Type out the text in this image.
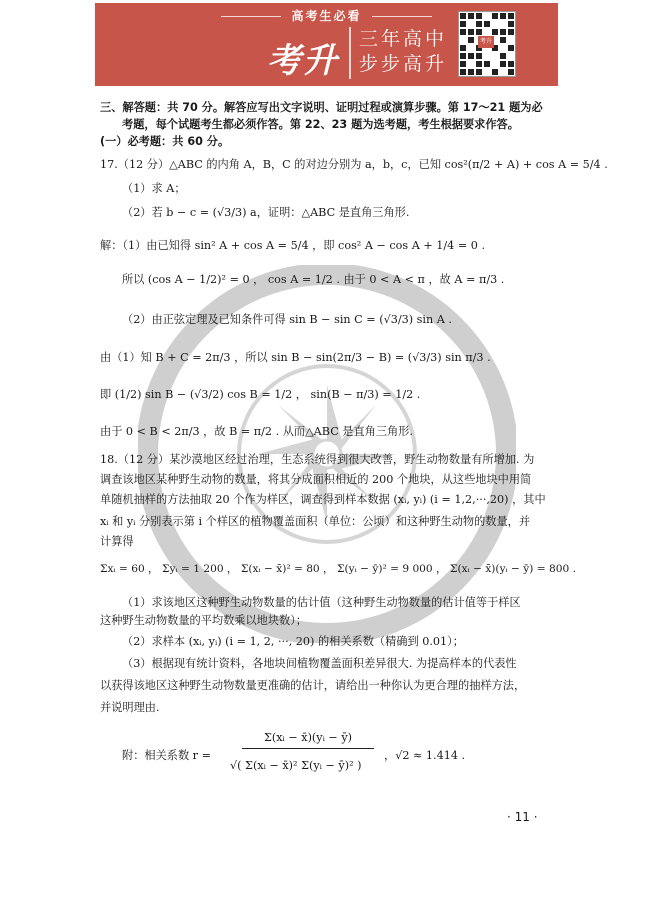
高考生必看
考升
三年高中
步步高升
考升
三、解答题：共 70 分。解答应写出文字说明、证明过程或演算步骤。第 17～21 题为必
考题，每个试题考生都必须作答。第 22、23 题为选考题，考生根据要求作答。
(一）必考题：共 60 分。
17.（12 分）△ABC 的内角 A，B，C 的对边分别为 a，b，c，已知 cos²(π/2 + A) + cos A = 5/4 .
（1）求 A；
（2）若 b − c = (√3/3) a，证明：△ABC 是直角三角形.
解：（1）由已知得 sin² A + cos A = 5/4 ，即 cos² A − cos A + 1/4 = 0 .
所以 (cos A − 1/2)² = 0 ， cos A = 1/2 . 由于 0 < A < π ，故 A = π/3 .
（2）由正弦定理及已知条件可得 sin B − sin C = (√3/3) sin A .
由（1）知 B + C = 2π/3 ，所以 sin B − sin(2π/3 − B) = (√3/3) sin π/3 .
即 (1/2) sin B − (√3/2) cos B = 1/2 ， sin(B − π/3) = 1/2 .
由于 0 < B < 2π/3 ，故 B = π/2 . 从而△ABC 是直角三角形.
18.（12 分）某沙漠地区经过治理，生态系统得到很大改善，野生动物数量有所增加. 为
调查该地区某种野生动物的数量，将其分成面积相近的 200 个地块，从这些地块中用简
单随机抽样的方法抽取 20 个作为样区，调查得到样本数据 (xᵢ, yᵢ) (i = 1,2,···,20) ，其中
xᵢ 和 yᵢ 分别表示第 i 个样区的植物覆盖面积（单位：公顷）和这种野生动物的数量，并
计算得
Σxᵢ = 60 ， Σyᵢ = 1 200 ， Σ(xᵢ − x̄)² = 80 ， Σ(yᵢ − ȳ)² = 9 000 ， Σ(xᵢ − x̄)(yᵢ − ȳ) = 800 .
（1）求该地区这种野生动物数量的估计值（这种野生动物数量的估计值等于样区
这种野生动物数量的平均数乘以地块数）；
（2）求样本 (xᵢ, yᵢ) (i = 1, 2, ···, 20) 的相关系数（精确到 0.01）；
（3）根据现有统计资料，各地块间植物覆盖面积差异很大. 为提高样本的代表性
以获得该地区这种野生动物数量更准确的估计，请给出一种你认为更合理的抽样方法，
并说明理由.
附：相关系数 r =
Σ(xᵢ − x̄)(yᵢ − ȳ)
√( Σ(xᵢ − x̄)² Σ(yᵢ − ȳ)² )
，√2 ≈ 1.414 .
· 11 ·
